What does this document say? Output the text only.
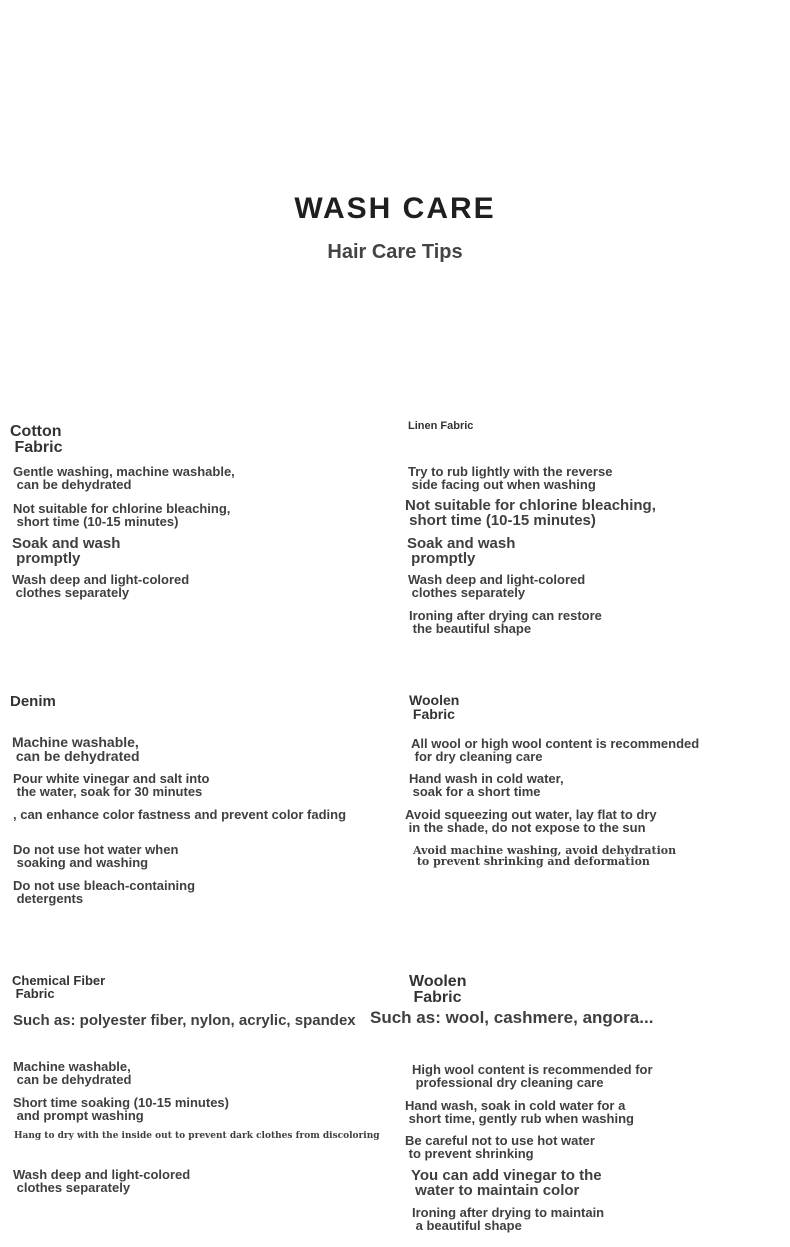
WASH CARE
Hair Care Tips
Cotton
Fabric
Gentle washing, machine washable,
can be dehydrated
Not suitable for chlorine bleaching,
short time (10-15 minutes)
Soak and wash
promptly
Wash deep and light-colored
clothes separately
Linen Fabric
Try to rub lightly with the reverse
side facing out when washing
Not suitable for chlorine bleaching,
short time (10-15 minutes)
Soak and wash
promptly
Wash deep and light-colored
clothes separately
Ironing after drying can restore
the beautiful shape
Denim
Machine washable,
can be dehydrated
Pour white vinegar and salt into
the water, soak for 30 minutes
, can enhance color fastness and prevent color fading
Do not use hot water when
soaking and washing
Do not use bleach-containing
detergents
Woolen
Fabric
All wool or high wool content is recommended
for dry cleaning care
Hand wash in cold water,
soak for a short time
Avoid squeezing out water, lay flat to dry
in the shade, do not expose to the sun
Avoid machine washing, avoid dehydration
to prevent shrinking and deformation
Chemical Fiber
Fabric
Such as: polyester fiber, nylon, acrylic, spandex
Machine washable,
can be dehydrated
Short time soaking (10-15 minutes)
and prompt washing
Hang to dry with the inside out to prevent dark clothes from discoloring
Wash deep and light-colored
clothes separately
Woolen
Fabric
Such as: wool, cashmere, angora...
High wool content is recommended for
professional dry cleaning care
Hand wash, soak in cold water for a
short time, gently rub when washing
Be careful not to use hot water
to prevent shrinking
You can add vinegar to the
water to maintain color
Ironing after drying to maintain
a beautiful shape
